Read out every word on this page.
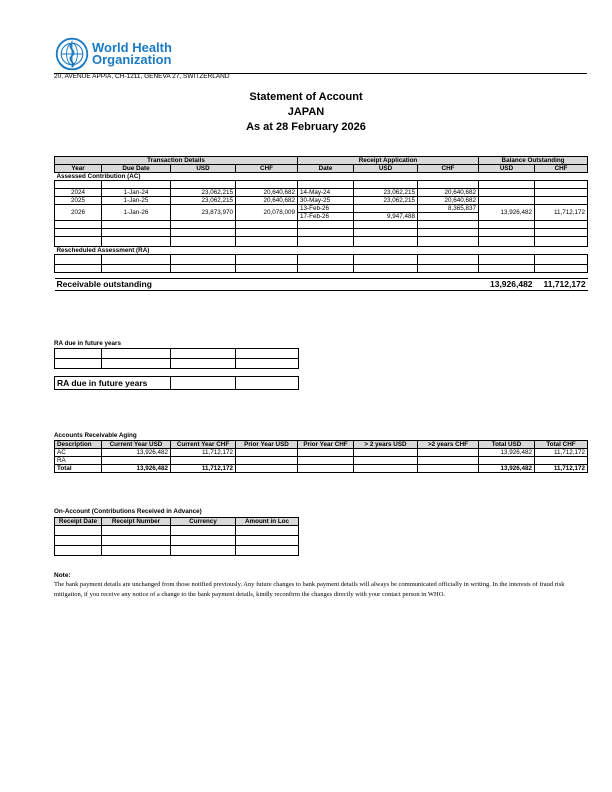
World Health
Organization
20, AVENUE APPIA, CH-1211, GENEVA 27, SWITZERLAND
Statement of Account
JAPAN
As at 28 February 2026
Transaction Details				Receipt Application			Balance Outstanding	
Year	Due Date	USD	CHF	Date	USD	CHF	USD	CHF
Assessed Contribution (AC)								

2024	1-Jan-24	23,062,215	20,640,682	14-May-24	23,062,215	20,640,682		
2025	1-Jan-25	23,062,215	20,640,682	30-May-25	23,062,215	20,640,682		
2026	1-Jan-26	23,873,970	20,078,009	13-Feb-26		8,365,837	13,926,482	11,712,172
				17-Feb-26	9,947,488			

Rescheduled Assessment (RA)								

Receivable outstanding							13,926,482	11,712,172
RA due in future years

RA due in future years			
Accounts Receivable Aging
Description	Current Year USD	Current Year CHF	Prior Year USD	Prior Year CHF	> 2 years USD	>2 years CHF	Total USD	Total CHF
AC	13,926,482	11,712,172					13,926,482	11,712,172
RA								
Total	13,926,482	11,712,172					13,926,482	11,712,172
On-Account (Contributions Received in Advance)
Receipt Date	Receipt Number	Currency	Amount in Loc

Note:
The bank payment details are unchanged from those notified previously. Any future changes to bank payment details will always be communicated officially in writing. In the interests of fraud risk mitigation, if you receive any notice of a change to the bank payment details, kindly reconfirm the changes directly with your contact person in WHO.
